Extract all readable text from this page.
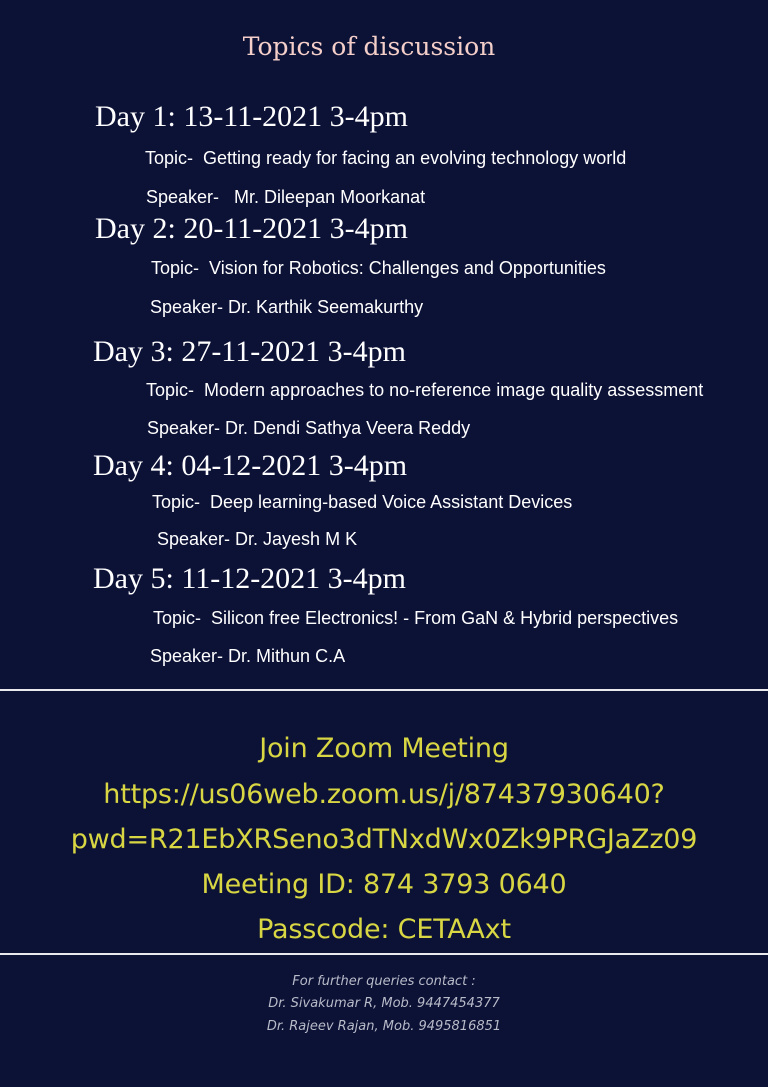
Topics of discussion
Day 1: 13-11-2021 3-4pm
Topic-  Getting ready for facing an evolving technology world
Speaker-   Mr. Dileepan Moorkanat
Day 2: 20-11-2021 3-4pm
Topic-  Vision for Robotics: Challenges and Opportunities
Speaker- Dr. Karthik Seemakurthy
Day 3: 27-11-2021 3-4pm
Topic-  Modern approaches to no-reference image quality assessment
Speaker- Dr. Dendi Sathya Veera Reddy
Day 4: 04-12-2021 3-4pm
Topic-  Deep learning-based Voice Assistant Devices
Speaker- Dr. Jayesh M K
Day 5: 11-12-2021 3-4pm
Topic-  Silicon free Electronics! - From GaN & Hybrid perspectives
Speaker- Dr. Mithun C.A
Join Zoom Meeting
https://us06web.zoom.us/j/87437930640?
pwd=R21EbXRSeno3dTNxdWx0Zk9PRGJaZz09
Meeting ID: 874 3793 0640
Passcode: CETAAxt
For further queries contact :
Dr. Sivakumar R, Mob. 9447454377
Dr. Rajeev Rajan, Mob. 9495816851
